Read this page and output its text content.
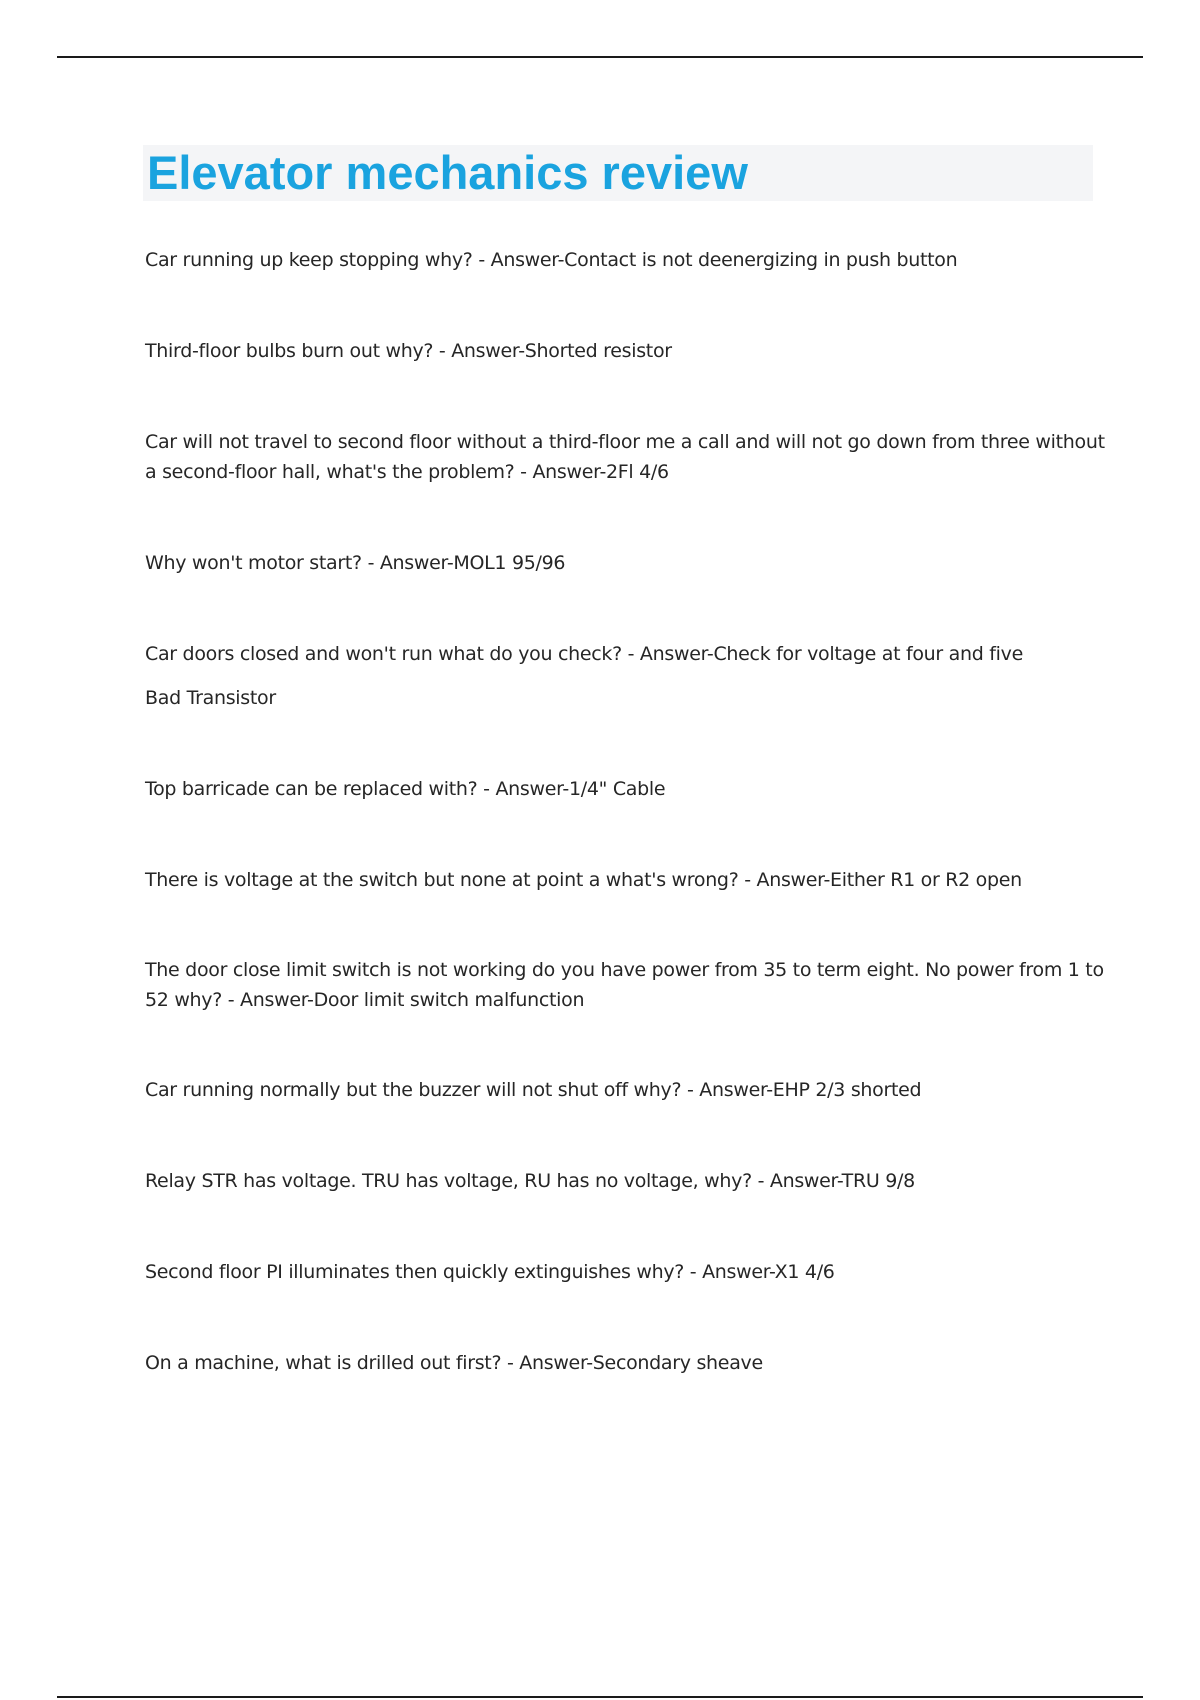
Elevator mechanics review

Car running up keep stopping why? - Answer-Contact is not deenergizing in push button

Third-floor bulbs burn out why? - Answer-Shorted resistor

Car will not travel to second floor without a third-floor me a call and will not go down from three without a second-floor hall, what's the problem? - Answer-2Fl 4/6

Why won't motor start? - Answer-MOL1 95/96

Car doors closed and won't run what do you check? - Answer-Check for voltage at four and five

Bad Transistor

Top barricade can be replaced with? - Answer-1/4" Cable

There is voltage at the switch but none at point a what's wrong? - Answer-Either R1 or R2 open

The door close limit switch is not working do you have power from 35 to term eight. No power from 1 to 52 why? - Answer-Door limit switch malfunction

Car running normally but the buzzer will not shut off why? - Answer-EHP 2/3 shorted

Relay STR has voltage. TRU has voltage, RU has no voltage, why? - Answer-TRU 9/8

Second floor PI illuminates then quickly extinguishes why? - Answer-X1 4/6

On a machine, what is drilled out first? - Answer-Secondary sheave
